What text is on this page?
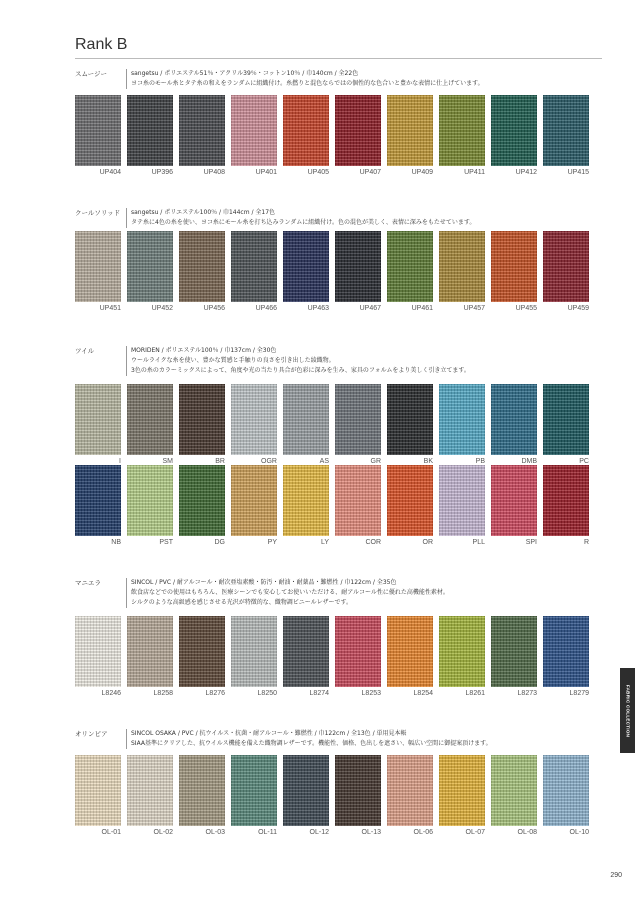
Rank B
スムージー	sangetsu / ポリエステル51％・アクリル39％・コットン10％ / 巾140cm / 全22色
ヨコ糸のモール糸とタテ糸の和えをランダムに組織付け。糸撚りと混色ならではの個性的な色合いと豊かな表情に仕上げています。
UP404	UP396	UP408	UP401	UP405	UP407	UP409	UP411	UP412	UP415
クールソリッド sangetsu / ポリエステル100％ / 巾144cm / 全17色
タテ糸に4色の糸を使い、ヨコ糸にモール糸を打ち込みランダムに組織付け。色の混色が美しく、表情に深みをもたせています。
UP451	UP452	UP456	UP466	UP463	UP467	UP461	UP457	UP455	UP459
ツイル	MORIDEN / ポリエステル100％ / 巾137cm / 全30色
ウールライクな糸を使い、豊かな質感と手触りの良さを引き出した綾織物。
3色の糸のカラーミックスによって、角度や光の当たり具合が色彩に深みを生み、家具のフォルムをより美しく引き立てます。
I	SM	BR	OGR	AS	GR	BK	PB	DMB	PC
NB	PST	DG	PY	LY	COR	OR	PLL	SPI	R
マニエラ	SINCOL / PVC / 耐アルコール・耐次亜塩素酸・防汚・耐油・耐薬品・難燃性 / 巾122cm / 全35色
飲食店などでの使用はもちろん、医療シーンでも安心してお使いいただける、耐アルコール性に優れた高機能性素材。
シルクのような高級感を感じさせる光沢が特徴的な、織物調ビニールレザーです。
L8246	L8258	L8276	L8250	L8274	L8253	L8254	L8261	L8273	L8279
オリンピア	SINCOL OSAKA / PVC / 抗ウイルス・抗菌・耐アルコール・難燃性 / 巾122cm / 全13色 / 単用見本帳
SIAA基準にクリアした、抗ウイルス機能を備えた織物調レザーです。機能性、価格、色出しを遮さい、幅広い空間に御提案頂けます。
OL-01	OL-02	OL-03	OL-11	OL-12	OL-13	OL-06	OL-07	OL-08	OL-10
FABRIC COLLECTION
290
